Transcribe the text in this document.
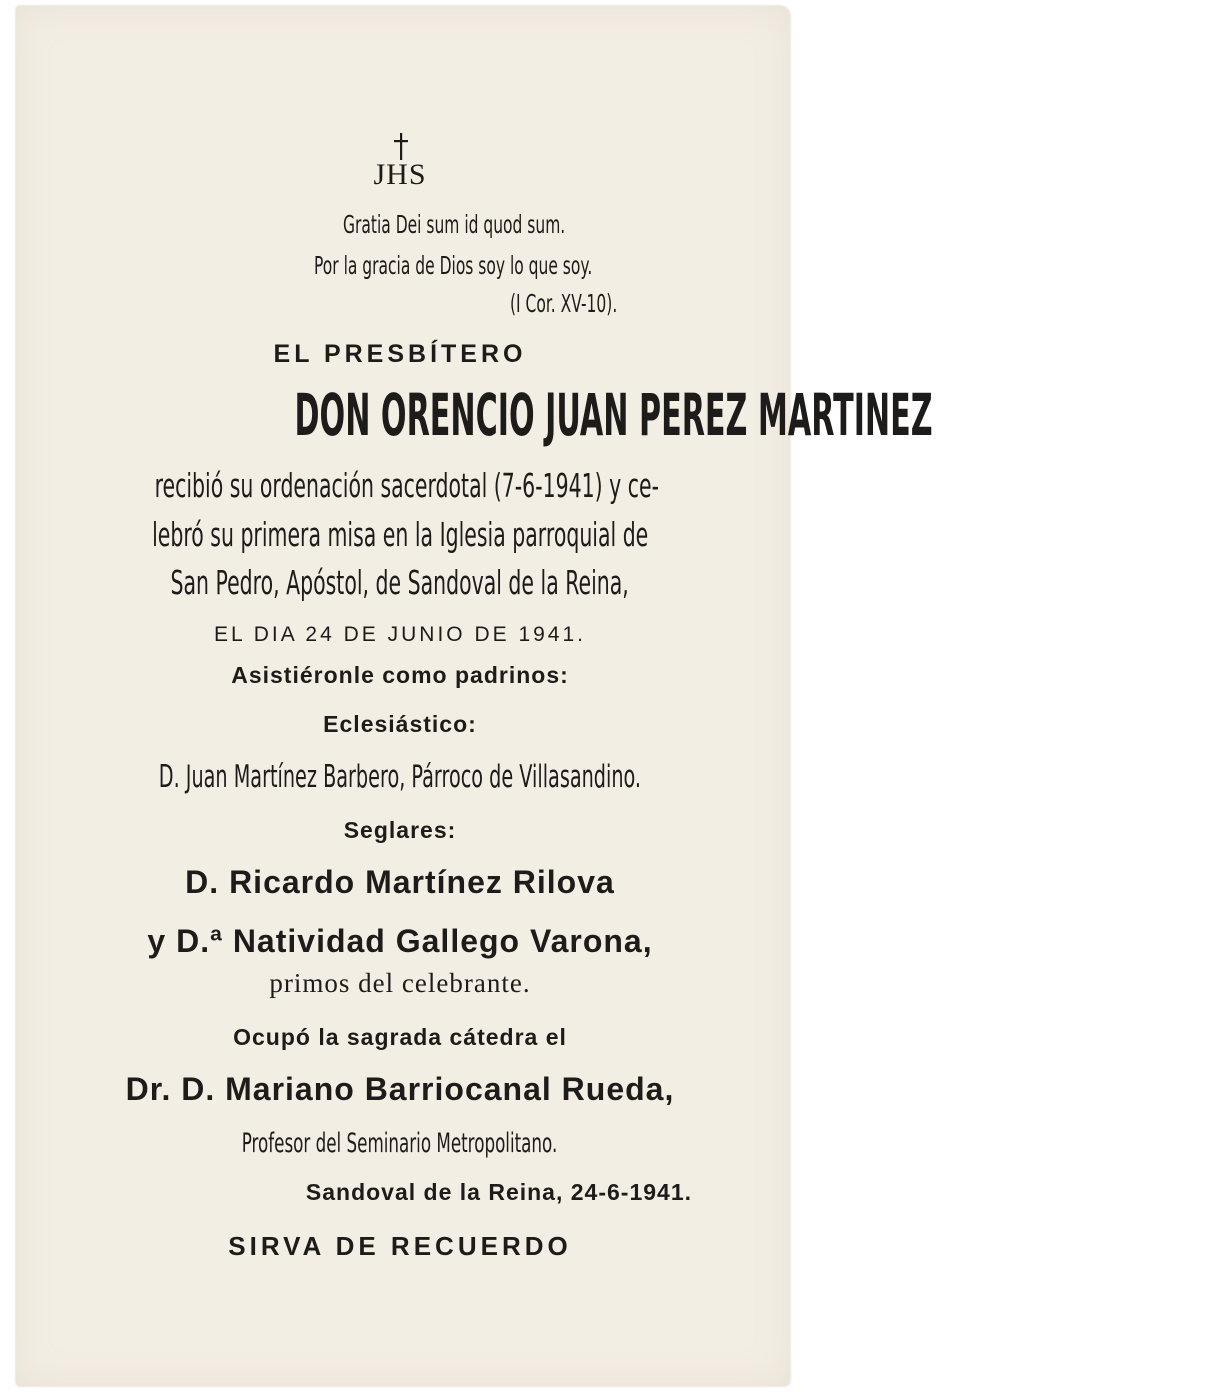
JHS
Gratia Dei sum id quod sum.
Por la gracia de Dios soy lo que soy.
(I Cor. XV-10).
EL PRESBÍTERO
DON ORENCIO JUAN PEREZ MARTINEZ
recibió su ordenación sacerdotal (7-6-1941) y ce-
lebró su primera misa en la Iglesia parroquial de
San Pedro, Apóstol, de Sandoval de la Reina,
EL DIA 24 DE JUNIO DE 1941.
Asistiéronle como padrinos:
Eclesiástico:
D. Juan Martínez Barbero, Párroco de Villasandino.
Seglares:
D. Ricardo Martínez Rilova
y D.ª Natividad Gallego Varona,
primos del celebrante.
Ocupó la sagrada cátedra el
Dr. D. Mariano Barriocanal Rueda,
Profesor del Seminario Metropolitano.
Sandoval de la Reina, 24-6-1941.
SIRVA DE RECUERDO
